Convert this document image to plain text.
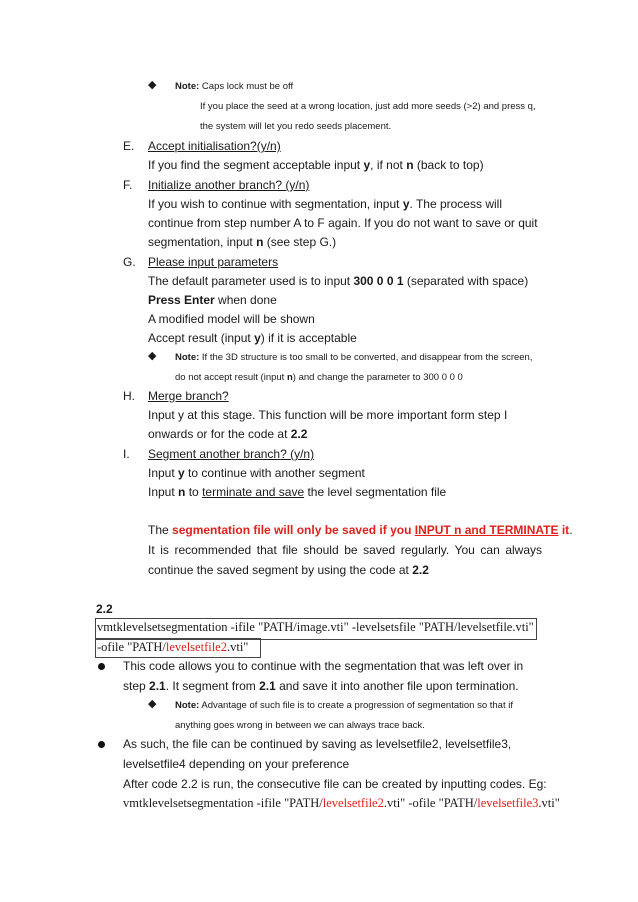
◆ Note: Caps lock must be off
If you place the seed at a wrong location, just add more seeds (>2) and press q,
the system will let you redo seeds placement.
E. Accept initialisation?(y/n)
If you find the segment acceptable input y, if not n (back to top)
F. Initialize another branch? (y/n)
If you wish to continue with segmentation, input y. The process will
continue from step number A to F again. If you do not want to save or quit
segmentation, input n (see step G.)
G. Please input parameters
The default parameter used is to input 300 0 0 1 (separated with space)
Press Enter when done
A modified model will be shown
Accept result (input y) if it is acceptable
◆ Note: If the 3D structure is too small to be converted, and disappear from the screen,
do not accept result (input n) and change the parameter to 300 0 0 0
H. Merge branch?
Input y at this stage. This function will be more important form step I
onwards or for the code at 2.2
I. Segment another branch? (y/n)
Input y to continue with another segment
Input n to terminate and save the level segmentation file
The segmentation file will only be saved if you INPUT n and TERMINATE it.
It is recommended that file should be saved regularly. You can always
continue the saved segment by using the code at 2.2
2.2
vmtklevelsetsegmentation -ifile "PATH/image.vti" -levelsetsfile "PATH/levelsetfile.vti"
-ofile "PATH/levelsetfile2.vti"
This code allows you to continue with the segmentation that was left over in
step 2.1. It segment from 2.1 and save it into another file upon termination.
◆ Note: Advantage of such file is to create a progression of segmentation so that if
anything goes wrong in between we can always trace back.
As such, the file can be continued by saving as levelsetfile2, levelsetfile3,
levelsetfile4 depending on your preference
After code 2.2 is run, the consecutive file can be created by inputting codes. Eg:
vmtklevelsetsegmentation -ifile "PATH/levelsetfile2.vti" -ofile "PATH/levelsetfile3.vti"
